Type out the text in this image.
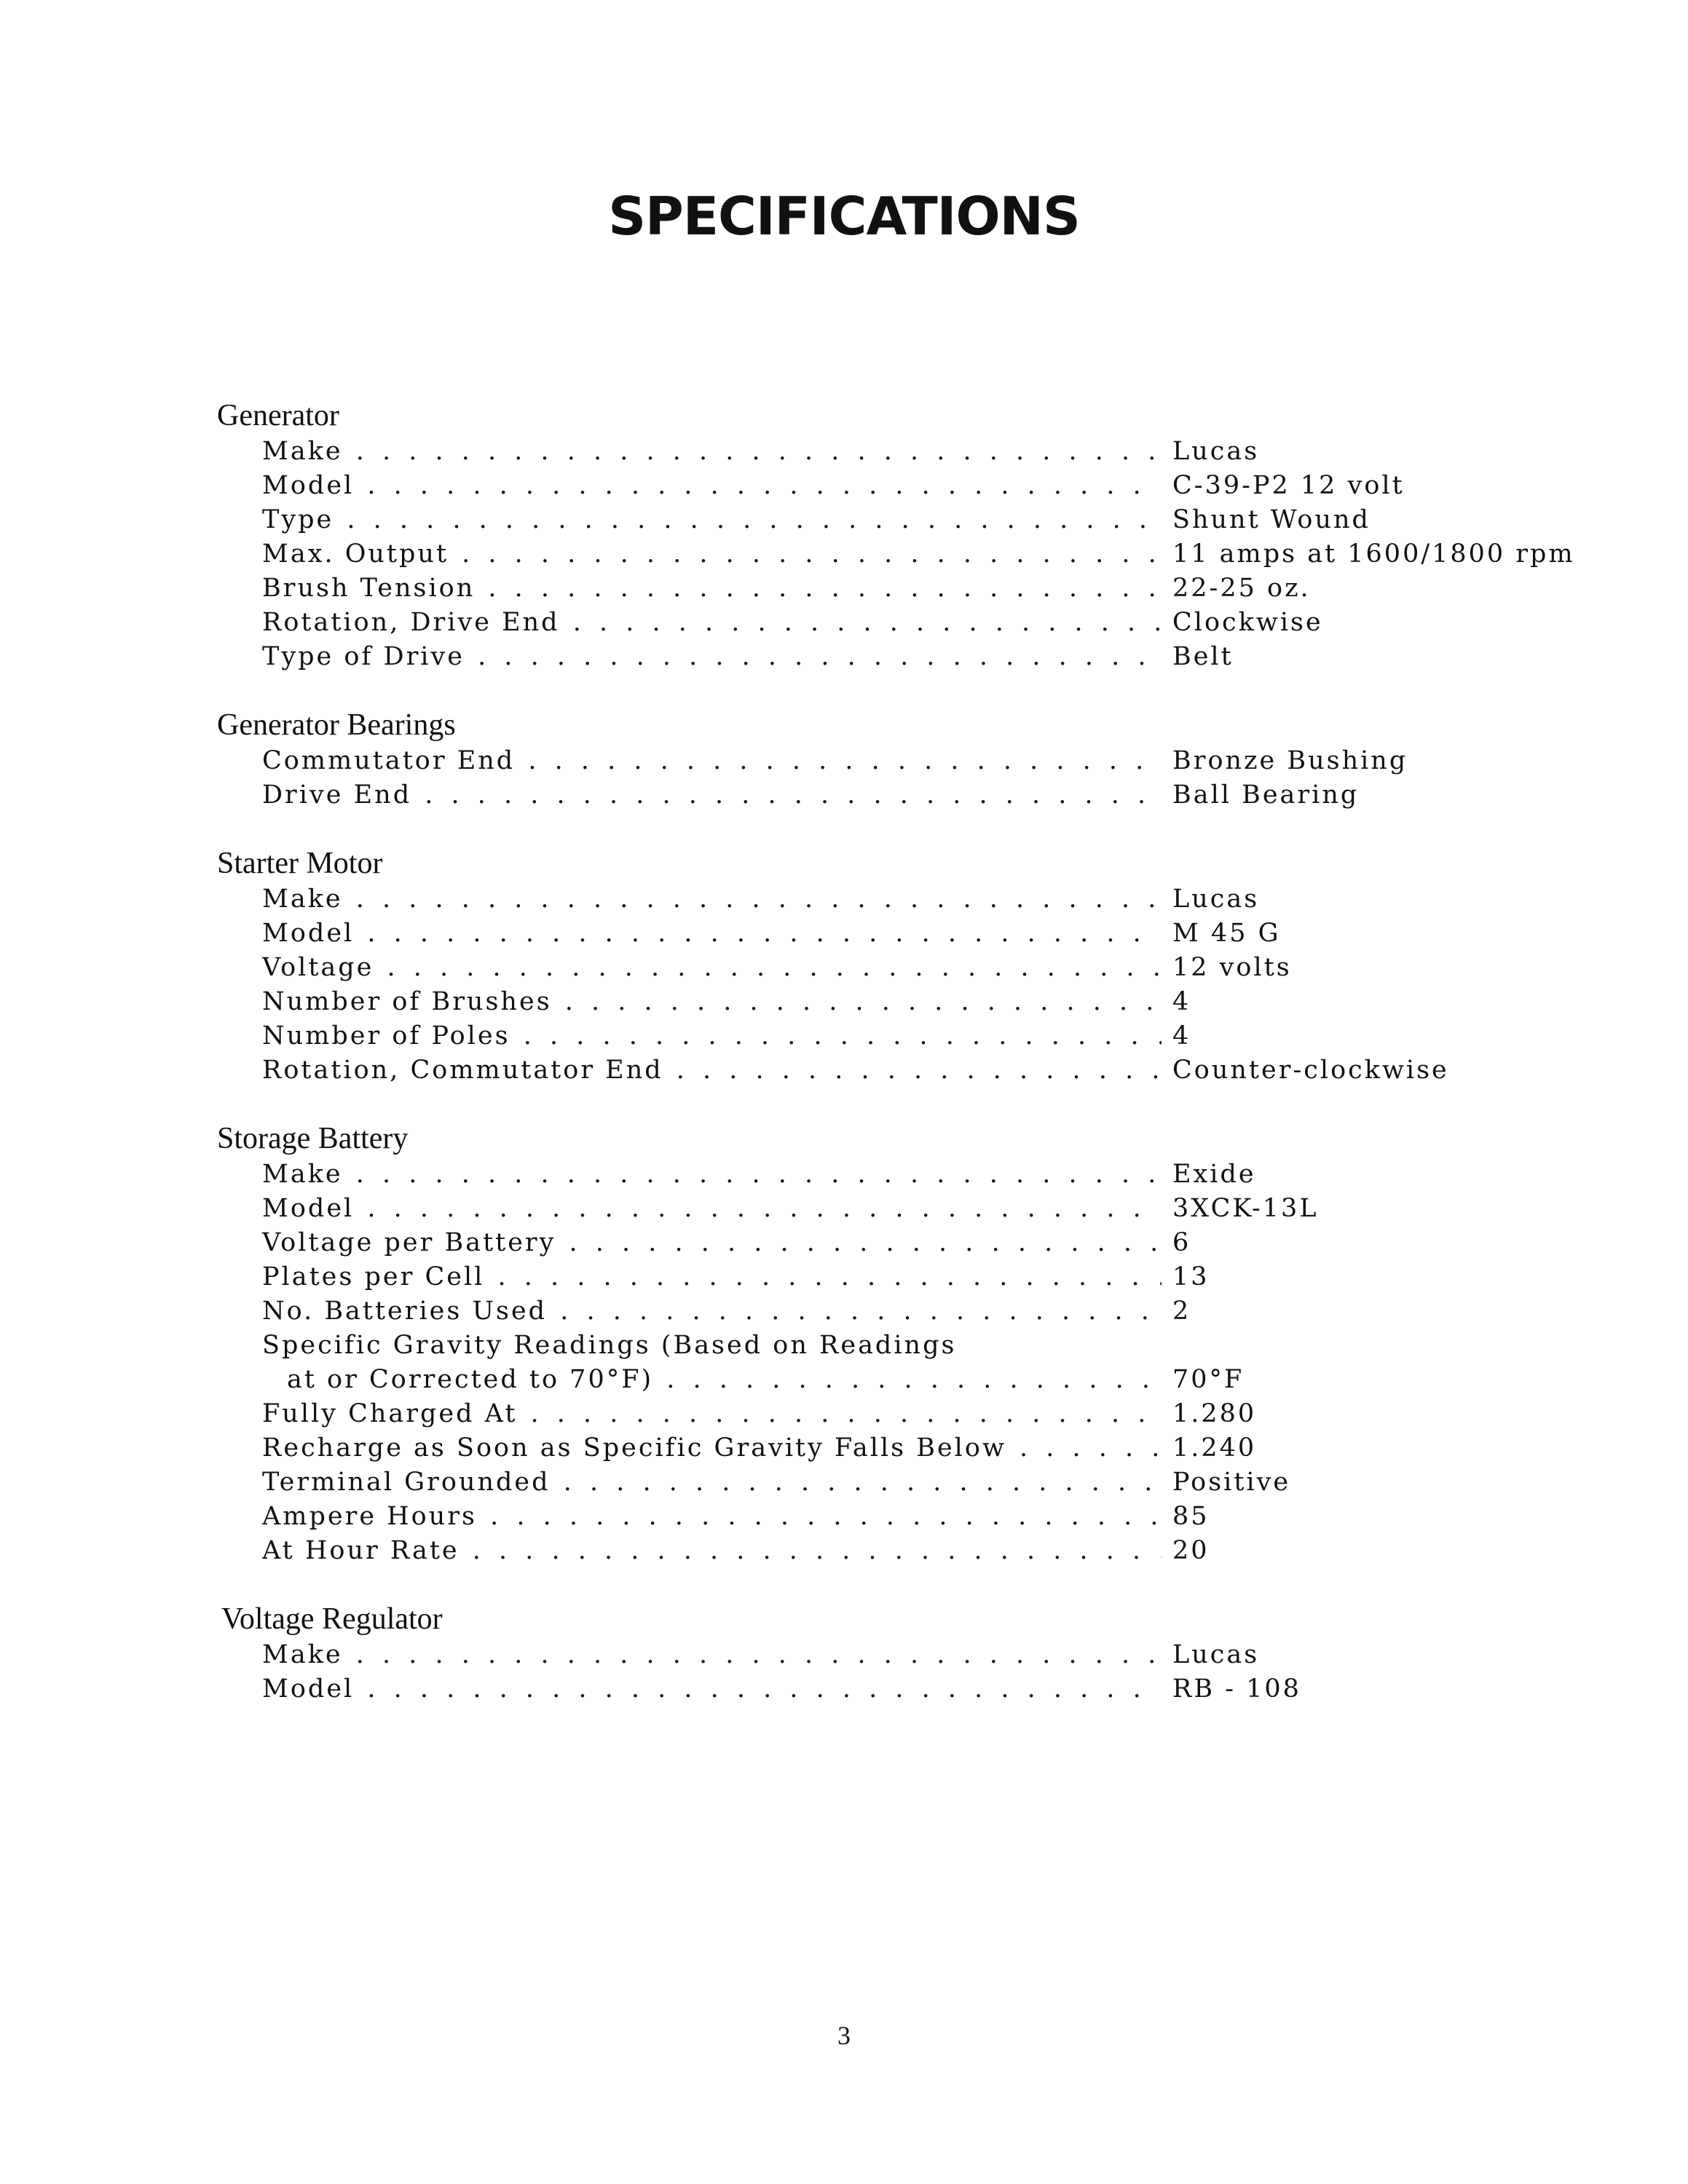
SPECIFICATIONS
Generator
Make . . .	Lucas
Model . . .	C-39-P2 12 volt
Type . . .	Shunt Wound
Max. Output . . .	11 amps at 1600/1800 rpm
Brush Tension . . .	22-25 oz.
Rotation, Drive End . . .	Clockwise
Type of Drive . . .	Belt
Generator Bearings
Commutator End . . .	Bronze Bushing
Drive End . . .	Ball Bearing
Starter Motor
Make . . .	Lucas
Model . . .	M 45 G
Voltage . . .	12 volts
Number of Brushes . . .	4
Number of Poles . . .	4
Rotation, Commutator End . . .	Counter-clockwise
Storage Battery
Make . . .	Exide
Model . . .	3XCK-13L
Voltage per Battery . . .	6
Plates per Cell . . .	13
No. Batteries Used . . .	2
Specific Gravity Readings (Based on Readings
at or Corrected to 70°F) . . .	70°F
Fully Charged At . . .	1.280
Recharge as Soon as Specific Gravity Falls Below . . .	1.240
Terminal Grounded . . .	Positive
Ampere Hours . . .	85
At Hour Rate . . .	20
Voltage Regulator
Make . . .	Lucas
Model . . .	RB - 108
3
